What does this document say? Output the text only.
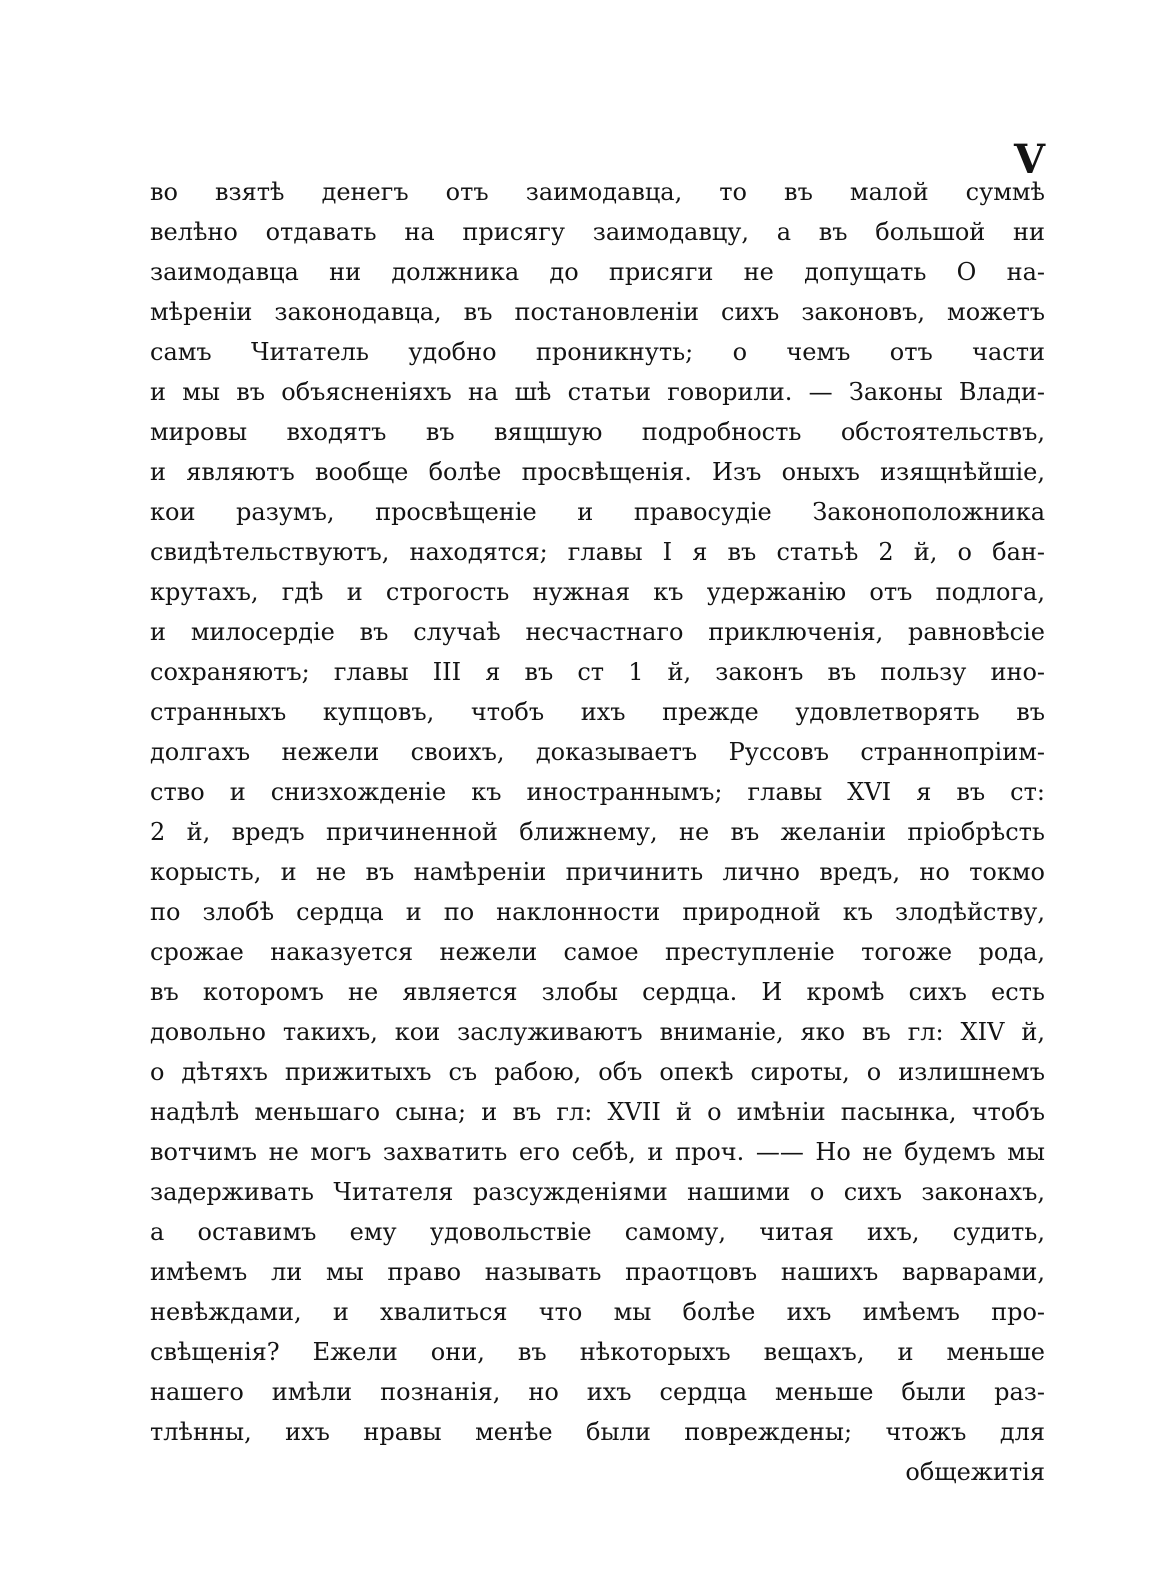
V
во взятѣ денегъ отъ заимодавца, то въ малой суммѣ
велѣно отдавать на присягу заимодавцу, а въ большой ни
заимодавца ни должника до присяги не допущать О на-
мѣреніи законодавца, въ постановленіи сихъ законовъ, можетъ
самъ Читатель удобно проникнуть; о чемъ отъ части
и мы въ объясненіяхъ на шѣ статьи говорили. — Законы Влади-
мировы входятъ въ вящшую подробность обстоятельствъ,
и являютъ вообще болѣе просвѣщенія. Изъ оныхъ изящнѣйшіе,
кои разумъ, просвѣщеніе и правосудіе Законоположника
свидѣтельствуютъ, находятся; главы I я въ статьѣ 2 й, о бан-
крутахъ, гдѣ и строгость нужная къ удержанію отъ подлога,
и милосердіе въ случаѣ несчастнаго приключенія, равновѣсіе
сохраняютъ; главы III я въ ст 1 й, законъ въ пользу ино-
странныхъ купцовъ, чтобъ ихъ прежде удовлетворять въ
долгахъ нежели своихъ, доказываетъ Руссовъ страннопріим-
ство и снизхожденіе къ иностраннымъ; главы XVI я въ ст:
2 й, вредъ причиненной ближнему, не въ желаніи пріобрѣсть
корысть, и не въ намѣреніи причинить лично вредъ, но токмо
по злобѣ сердца и по наклонности природной къ злодѣйству,
срожае наказуется нежели самое преступленіе тогоже рода,
въ которомъ не является злобы сердца. И кромѣ сихъ есть
довольно такихъ, кои заслуживаютъ вниманіе, яко въ гл: XIV й,
о дѣтяхъ прижитыхъ съ рабою, объ опекѣ сироты, о излишнемъ
надѣлѣ меньшаго сына; и въ гл: XVII й о имѣніи пасынка, чтобъ
вотчимъ не могъ захватить его себѣ, и проч. —— Но не будемъ мы
задерживать Читателя разсужденіями нашими о сихъ законахъ,
а оставимъ ему удовольствіе самому, читая ихъ, судить,
имѣемъ ли мы право называть праотцовъ нашихъ варварами,
невѣждами, и хвалиться что мы болѣе ихъ имѣемъ про-
свѣщенія? Ежели они, въ нѣкоторыхъ вещахъ, и меньше
нашего имѣли познанія, но ихъ сердца меньше были раз-
тлѣнны, ихъ нравы менѣе были повреждены; чтожъ для
общежитія
